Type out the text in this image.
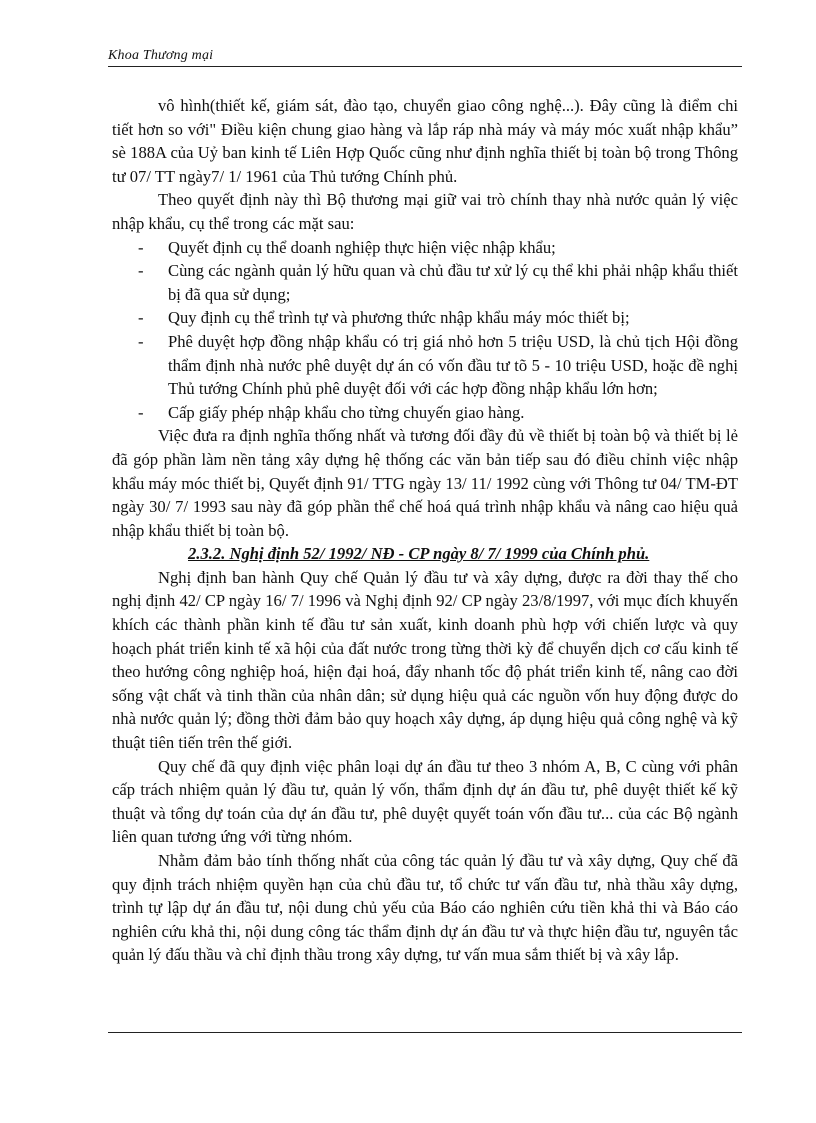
Khoa Thương mại

vô hình(thiết kế, giám sát, đào tạo, chuyển giao công nghệ...). Đây cũng là điểm chi tiết hơn so với" Điều kiện chung giao hàng và lắp ráp nhà máy và máy móc xuất nhập khẩu” sè 188A của Uỷ ban kinh tế Liên Hợp Quốc cũng như định nghĩa thiết bị toàn bộ trong Thông tư 07/ TT ngày7/ 1/ 1961 của Thủ tướng Chính phủ.

Theo quyết định này thì Bộ thương mại giữ vai trò chính thay nhà nước quản lý việc nhập khẩu, cụ thể trong các mặt sau:

- Quyết định cụ thể doanh nghiệp thực hiện việc nhập khẩu;
- Cùng các ngành quản lý hữu quan và chủ đầu tư xử lý cụ thể khi phải nhập khẩu thiết bị đã qua sử dụng;
- Quy định cụ thể trình tự và phương thức nhập khẩu máy móc thiết bị;
- Phê duyệt hợp đồng nhập khẩu có trị giá nhỏ hơn 5 triệu USD, là chủ tịch Hội đồng thẩm định nhà nước phê duyệt dự án có vốn đầu tư tõ 5 - 10 triệu USD, hoặc đề nghị Thủ tướng Chính phủ phê duyệt đối với các hợp đồng nhập khẩu lớn hơn;
- Cấp giấy phép nhập khẩu cho từng chuyến giao hàng.

Việc đưa ra định nghĩa thống nhất và tương đối đầy đủ về thiết bị toàn bộ và thiết bị lẻ đã góp phần làm nền tảng xây dựng hệ thống các văn bản tiếp sau đó điều chỉnh việc nhập khẩu máy móc thiết bị, Quyết định 91/ TTG ngày 13/ 11/ 1992 cùng với Thông tư 04/ TM-ĐT ngày 30/ 7/ 1993 sau này đã góp phần thể chế hoá quá trình nhập khẩu và nâng cao hiệu quả nhập khẩu thiết bị toàn bộ.

2.3.2. Nghị định 52/ 1992/ NĐ - CP ngày 8/ 7/ 1999 của Chính phủ.

Nghị định ban hành Quy chế Quản lý đầu tư và xây dựng, được ra đời thay thế cho nghị định 42/ CP ngày 16/ 7/ 1996 và Nghị định 92/ CP ngày 23/8/1997, với mục đích khuyến khích các thành phần kinh tế đầu tư sản xuất, kinh doanh phù hợp với chiến lược và quy hoạch phát triển kinh tế xã hội của đất nước trong từng thời kỳ để chuyển dịch cơ cấu kinh tế theo hướng công nghiệp hoá, hiện đại hoá, đẩy nhanh tốc độ phát triển kinh tế, nâng cao đời sống vật chất và tinh thần của nhân dân; sử dụng hiệu quả các nguồn vốn huy động được do nhà nước quản lý; đồng thời đảm bảo quy hoạch xây dựng, áp dụng hiệu quả công nghệ và kỹ thuật tiên tiến trên thế giới.

Quy chế đã quy định việc phân loại dự án đầu tư theo 3 nhóm A, B, C cùng với phân cấp trách nhiệm quản lý đầu tư, quản lý vốn, thẩm định dự án đầu tư, phê duyệt thiết kế kỹ thuật và tổng dự toán của dự án đầu tư, phê duyệt quyết toán vốn đầu tư... của các Bộ ngành liên quan tương ứng với từng nhóm.

Nhằm đảm bảo tính thống nhất của công tác quản lý đầu tư và xây dựng, Quy chế đã quy định trách nhiệm quyền hạn của chủ đầu tư, tổ chức tư vấn đầu tư, nhà thầu xây dựng, trình tự lập dự án đầu tư, nội dung chủ yếu của Báo cáo nghiên cứu tiền khả thi và Báo cáo nghiên cứu khả thi, nội dung công tác thẩm định dự án đầu tư và thực hiện đầu tư, nguyên tắc quản lý đấu thầu và chỉ định thầu trong xây dựng, tư vấn mua sắm thiết bị và xây lắp.
